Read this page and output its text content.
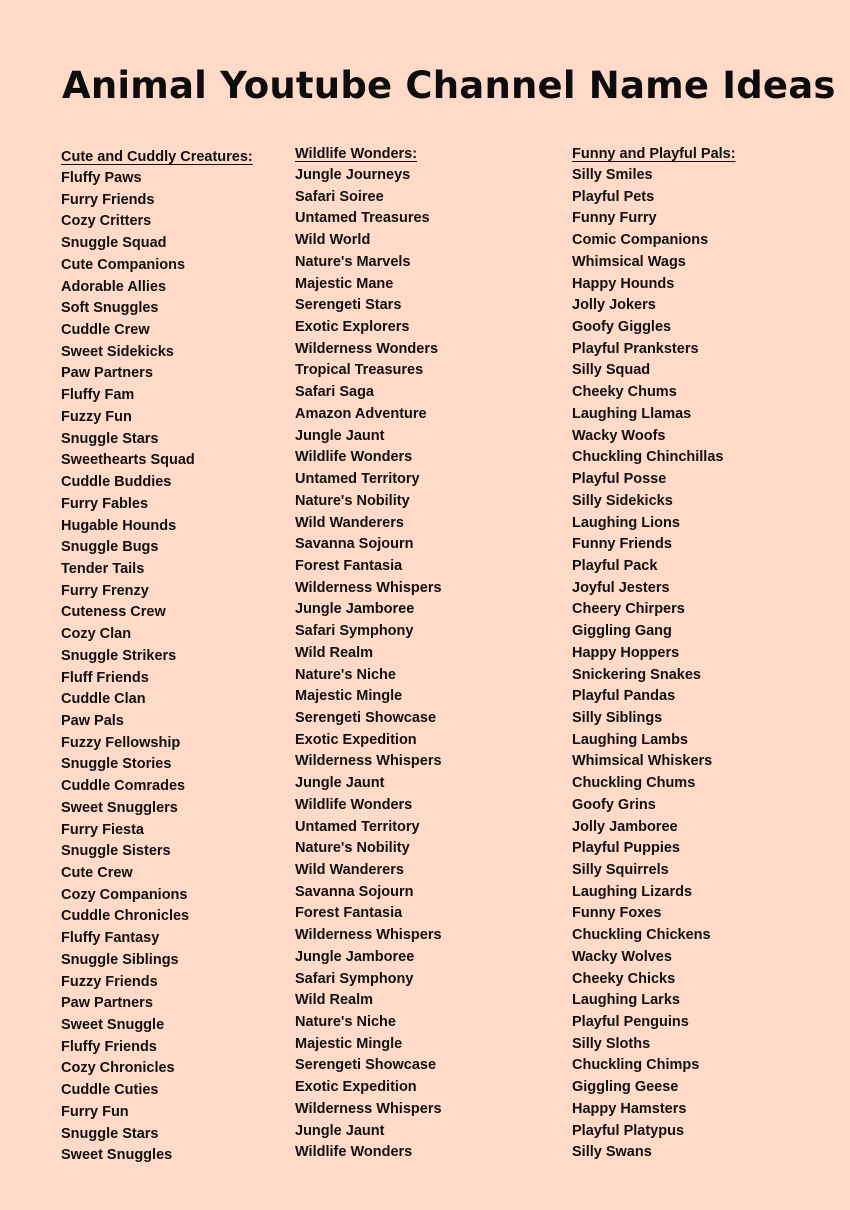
Animal Youtube Channel Name Ideas
Cute and Cuddly Creatures:
Fluffy Paws
Furry Friends
Cozy Critters
Snuggle Squad
Cute Companions
Adorable Allies
Soft Snuggles
Cuddle Crew
Sweet Sidekicks
Paw Partners
Fluffy Fam
Fuzzy Fun
Snuggle Stars
Sweethearts Squad
Cuddle Buddies
Furry Fables
Hugable Hounds
Snuggle Bugs
Tender Tails
Furry Frenzy
Cuteness Crew
Cozy Clan
Snuggle Strikers
Fluff Friends
Cuddle Clan
Paw Pals
Fuzzy Fellowship
Snuggle Stories
Cuddle Comrades
Sweet Snugglers
Furry Fiesta
Snuggle Sisters
Cute Crew
Cozy Companions
Cuddle Chronicles
Fluffy Fantasy
Snuggle Siblings
Fuzzy Friends
Paw Partners
Sweet Snuggle
Fluffy Friends
Cozy Chronicles
Cuddle Cuties
Furry Fun
Snuggle Stars
Sweet Snuggles
Wildlife Wonders:
Jungle Journeys
Safari Soiree
Untamed Treasures
Wild World
Nature's Marvels
Majestic Mane
Serengeti Stars
Exotic Explorers
Wilderness Wonders
Tropical Treasures
Safari Saga
Amazon Adventure
Jungle Jaunt
Wildlife Wonders
Untamed Territory
Nature's Nobility
Wild Wanderers
Savanna Sojourn
Forest Fantasia
Wilderness Whispers
Jungle Jamboree
Safari Symphony
Wild Realm
Nature's Niche
Majestic Mingle
Serengeti Showcase
Exotic Expedition
Wilderness Whispers
Jungle Jaunt
Wildlife Wonders
Untamed Territory
Nature's Nobility
Wild Wanderers
Savanna Sojourn
Forest Fantasia
Wilderness Whispers
Jungle Jamboree
Safari Symphony
Wild Realm
Nature's Niche
Majestic Mingle
Serengeti Showcase
Exotic Expedition
Wilderness Whispers
Jungle Jaunt
Wildlife Wonders
Funny and Playful Pals:
Silly Smiles
Playful Pets
Funny Furry
Comic Companions
Whimsical Wags
Happy Hounds
Jolly Jokers
Goofy Giggles
Playful Pranksters
Silly Squad
Cheeky Chums
Laughing Llamas
Wacky Woofs
Chuckling Chinchillas
Playful Posse
Silly Sidekicks
Laughing Lions
Funny Friends
Playful Pack
Joyful Jesters
Cheery Chirpers
Giggling Gang
Happy Hoppers
Snickering Snakes
Playful Pandas
Silly Siblings
Laughing Lambs
Whimsical Whiskers
Chuckling Chums
Goofy Grins
Jolly Jamboree
Playful Puppies
Silly Squirrels
Laughing Lizards
Funny Foxes
Chuckling Chickens
Wacky Wolves
Cheeky Chicks
Laughing Larks
Playful Penguins
Silly Sloths
Chuckling Chimps
Giggling Geese
Happy Hamsters
Playful Platypus
Silly Swans
